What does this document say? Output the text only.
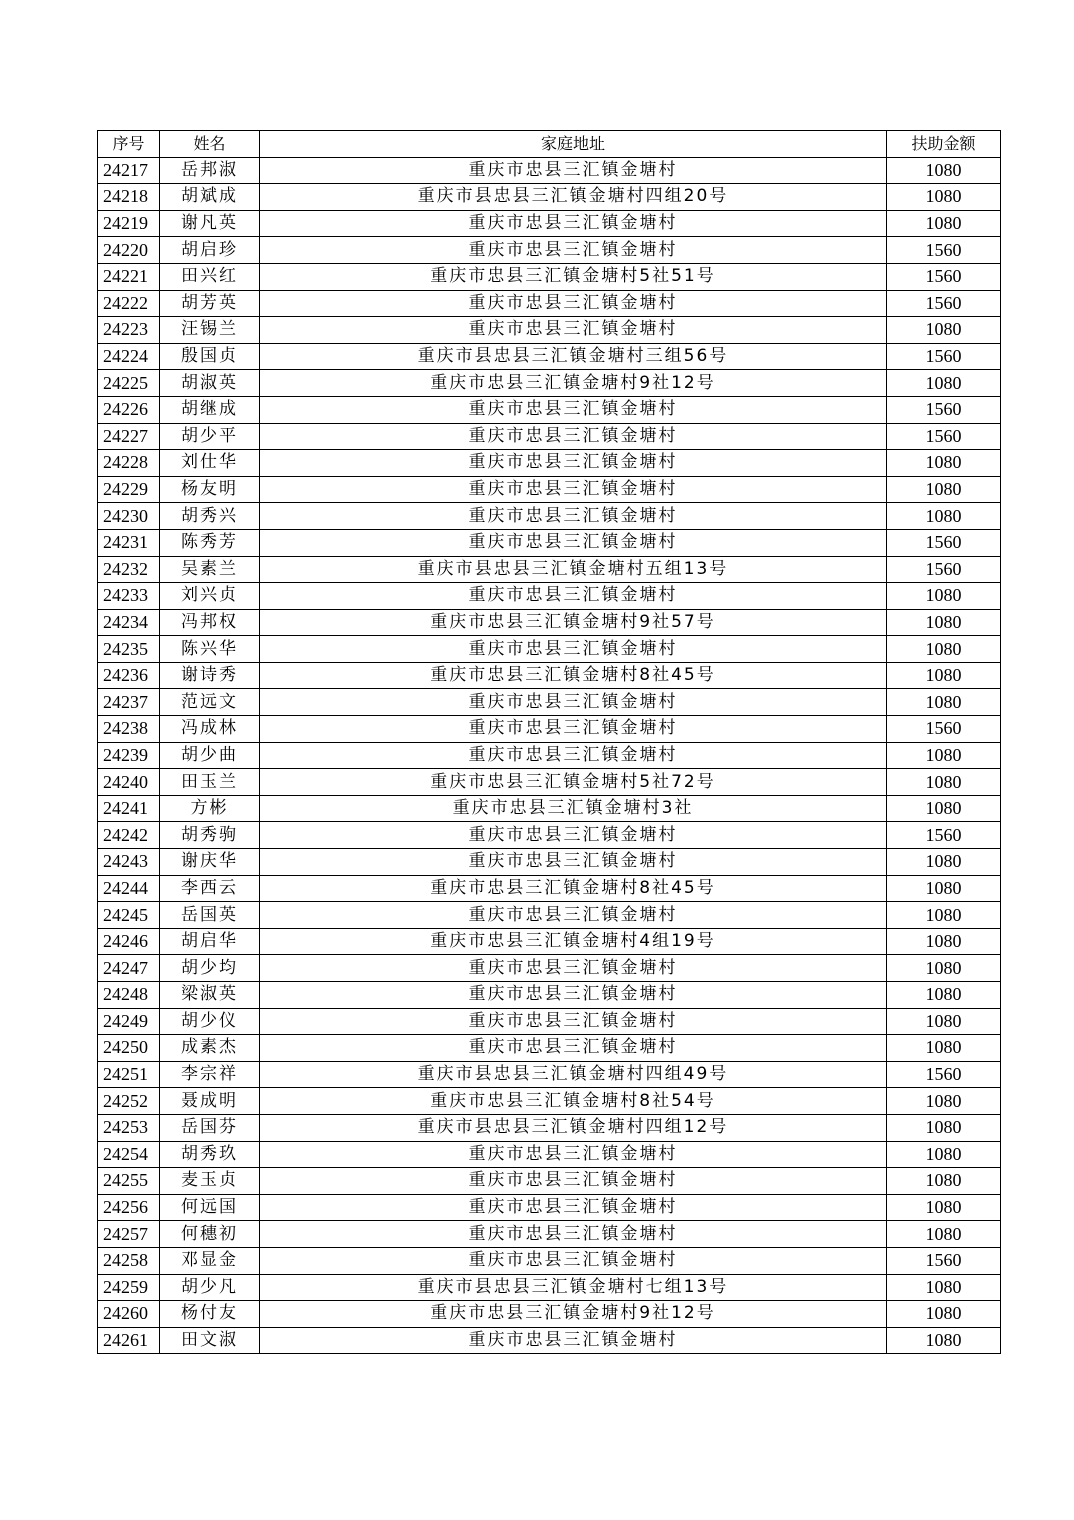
序号	姓名	家庭地址	扶助金额
24217	岳邦淑	重庆市忠县三汇镇金塘村	1080
24218	胡斌成	重庆市县忠县三汇镇金塘村四组20号	1080
24219	谢凡英	重庆市忠县三汇镇金塘村	1080
24220	胡启珍	重庆市忠县三汇镇金塘村	1560
24221	田兴红	重庆市忠县三汇镇金塘村5社51号	1560
24222	胡芳英	重庆市忠县三汇镇金塘村	1560
24223	汪锡兰	重庆市忠县三汇镇金塘村	1080
24224	殷国贞	重庆市县忠县三汇镇金塘村三组56号	1560
24225	胡淑英	重庆市忠县三汇镇金塘村9社12号	1080
24226	胡继成	重庆市忠县三汇镇金塘村	1560
24227	胡少平	重庆市忠县三汇镇金塘村	1560
24228	刘仕华	重庆市忠县三汇镇金塘村	1080
24229	杨友明	重庆市忠县三汇镇金塘村	1080
24230	胡秀兴	重庆市忠县三汇镇金塘村	1080
24231	陈秀芳	重庆市忠县三汇镇金塘村	1560
24232	吴素兰	重庆市县忠县三汇镇金塘村五组13号	1560
24233	刘兴贞	重庆市忠县三汇镇金塘村	1080
24234	冯邦权	重庆市忠县三汇镇金塘村9社57号	1080
24235	陈兴华	重庆市忠县三汇镇金塘村	1080
24236	谢诗秀	重庆市忠县三汇镇金塘村8社45号	1080
24237	范远文	重庆市忠县三汇镇金塘村	1080
24238	冯成林	重庆市忠县三汇镇金塘村	1560
24239	胡少曲	重庆市忠县三汇镇金塘村	1080
24240	田玉兰	重庆市忠县三汇镇金塘村5社72号	1080
24241	方彬	重庆市忠县三汇镇金塘村3社	1080
24242	胡秀驹	重庆市忠县三汇镇金塘村	1560
24243	谢庆华	重庆市忠县三汇镇金塘村	1080
24244	李西云	重庆市忠县三汇镇金塘村8社45号	1080
24245	岳国英	重庆市忠县三汇镇金塘村	1080
24246	胡启华	重庆市忠县三汇镇金塘村4组19号	1080
24247	胡少均	重庆市忠县三汇镇金塘村	1080
24248	梁淑英	重庆市忠县三汇镇金塘村	1080
24249	胡少仪	重庆市忠县三汇镇金塘村	1080
24250	成素杰	重庆市忠县三汇镇金塘村	1080
24251	李宗祥	重庆市县忠县三汇镇金塘村四组49号	1560
24252	聂成明	重庆市忠县三汇镇金塘村8社54号	1080
24253	岳国芬	重庆市县忠县三汇镇金塘村四组12号	1080
24254	胡秀玖	重庆市忠县三汇镇金塘村	1080
24255	麦玉贞	重庆市忠县三汇镇金塘村	1080
24256	何远国	重庆市忠县三汇镇金塘村	1080
24257	何穗初	重庆市忠县三汇镇金塘村	1080
24258	邓显金	重庆市忠县三汇镇金塘村	1560
24259	胡少凡	重庆市县忠县三汇镇金塘村七组13号	1080
24260	杨付友	重庆市忠县三汇镇金塘村9社12号	1080
24261	田文淑	重庆市忠县三汇镇金塘村	1080
